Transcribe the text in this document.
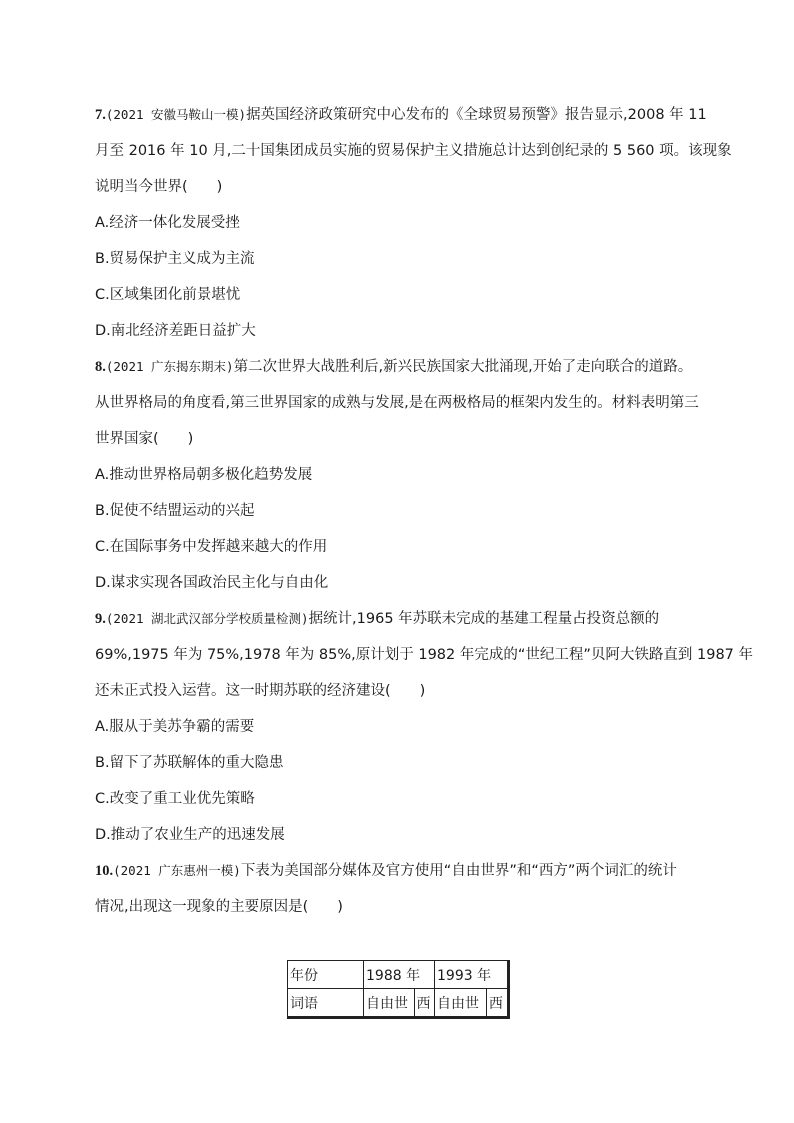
7.(2021 安徽马鞍山一模)据英国经济政策研究中心发布的《全球贸易预警》报告显示,2008 年 11
月至 2016 年 10 月,二十国集团成员实施的贸易保护主义措施总计达到创纪录的 5 560 项。该现象
说明当今世界(　　)
A.经济一体化发展受挫
B.贸易保护主义成为主流
C.区域集团化前景堪忧
D.南北经济差距日益扩大
8.(2021 广东揭东期末)第二次世界大战胜利后,新兴民族国家大批涌现,开始了走向联合的道路。
从世界格局的角度看,第三世界国家的成熟与发展,是在两极格局的框架内发生的。材料表明第三
世界国家(　　)
A.推动世界格局朝多极化趋势发展
B.促使不结盟运动的兴起
C.在国际事务中发挥越来越大的作用
D.谋求实现各国政治民主化与自由化
9.(2021 湖北武汉部分学校质量检测)据统计,1965 年苏联未完成的基建工程量占投资总额的
69%,1975 年为 75%,1978 年为 85%,原计划于 1982 年完成的“世纪工程”贝阿大铁路直到 1987 年
还未正式投入运营。这一时期苏联的经济建设(　　)
A.服从于美苏争霸的需要
B.留下了苏联解体的重大隐患
C.改变了重工业优先策略
D.推动了农业生产的迅速发展
10.(2021 广东惠州一模)下表为美国部分媒体及官方使用“自由世界”和“西方”两个词汇的统计
情况,出现这一现象的主要原因是(　　)
年份	1988 年		1993 年	
词语	自由世	西	自由世	西
